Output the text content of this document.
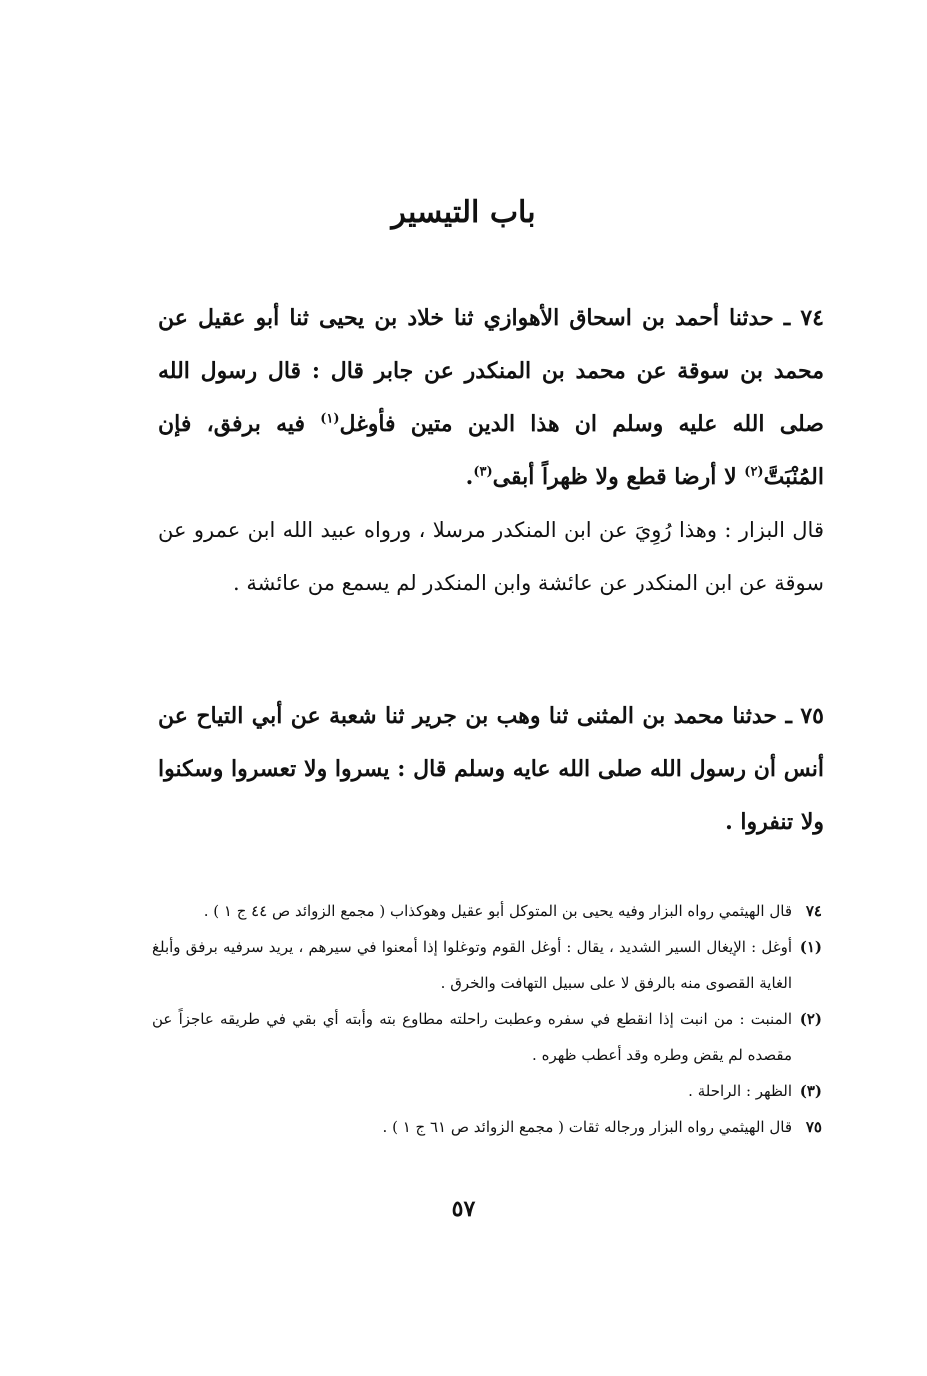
باب التيسير
٧٤ ـ حدثنا أحمد بن اسحاق الأهوازي ثنا خلاد بن يحيى ثنا أبو عقيل عن محمد بن سوقة عن محمد بن المنكدر عن جابر قال : قال رسول الله صلى الله عليه وسلم ان هذا الدين متين فأوغل$^{(١)}$ فيه برفق، فإن المُنْبَتَّ$^{(٢)}$ لا أرضا قطع ولا ظهراً أبقى$^{(٣)}$.
قال البزار : وهذا رُوِيَ عن ابن المنكدر مرسلا ، ورواه عبيد الله ابن عمرو عن سوقة عن ابن المنكدر عن عائشة وابن المنكدر لم يسمع من عائشة .
٧٥ ـ حدثنا محمد بن المثنى ثنا وهب بن جرير ثنا شعبة عن أبي التياح عن أنس أن رسول الله صلى الله عايه وسلم قال : يسروا ولا تعسروا وسكنوا ولا تنفروا .
٧٤
قال الهيثمي رواه البزار وفيه يحيى بن المتوكل أبو عقيل وهوكذاب ( مجمع الزوائد ص ٤٤ ج ١ ) .
(١)
أوغل : الإيغال السير الشديد ، يقال : أوغل القوم وتوغلوا إذا أمعنوا في سيرهم ، يريد سرفيه برفق وأبلغ الغاية القصوى منه بالرفق لا على سبيل التهافت والخرق .
(٢)
المنبت : من انبت إذا انقطع في سفره وعطبت راحلته مطاوع بته وأبته أي بقي في طريقه عاجزاً عن مقصده لم يقض وطره وقد أعطب ظهره .
(٣)
الظهر : الراحلة .
٧٥
قال الهيثمي رواه البزار ورجاله ثقات ( مجمع الزوائد ص ٦١ ج ١ ) .
٥٧
